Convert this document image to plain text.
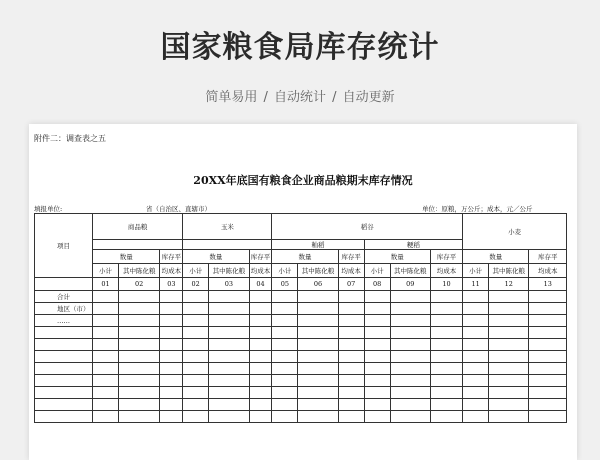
国家粮食局库存统计
简单易用 / 自动统计 / 自动更新
附件二：调查表之五
20XX年底国有粮食企业商品粮期末库存情况
填报单位:	省（自治区、直辖市）	单位：原粮，万公斤；成本，元／公斤
项目	商品粮			玉米			稻谷						小麦		
							籼稻			粳稻					
	数量		库存平	数量		库存平	数量		库存平	数量		库存平	数量		库存平
	小计	其中陈化粮	均成本	小计	其中陈化粮	均成本	小计	其中陈化粮	均成本	小计	其中陈化粮	均成本	小计	其中陈化粮	均成本
	01	02	03	02	03	04	05	06	07	08	09	10	11	12	13
合计															
地区（市）															
……															
